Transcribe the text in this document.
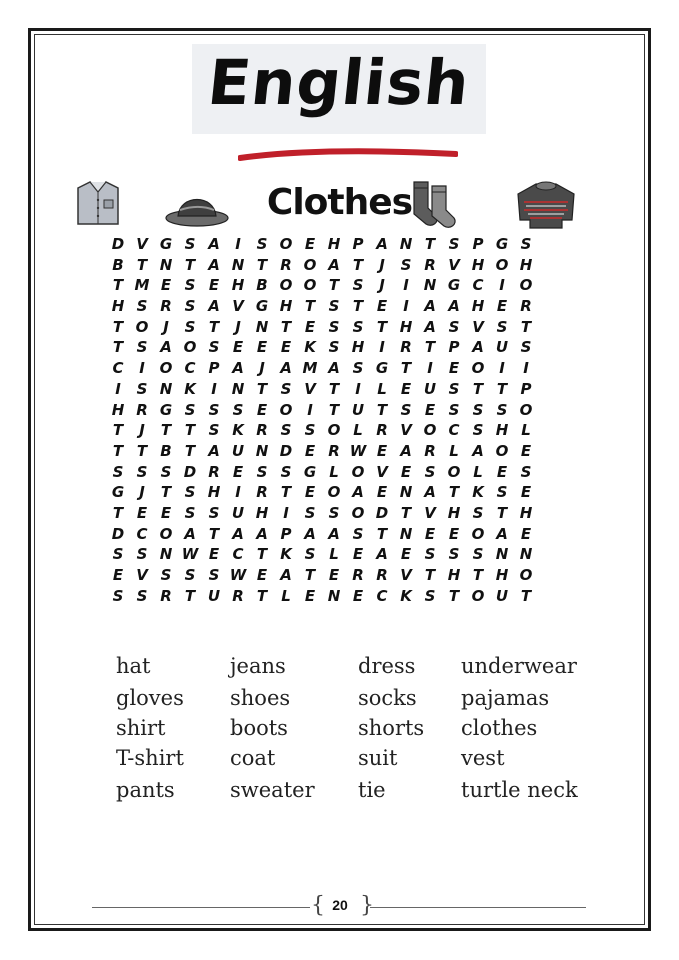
English
Clothes
D V G S A	I	S O E H P A N T S P G S
B T N T A N T R O A T	J	S R V H O H
T M E S E H B O O T S	J	I N G C	I O
H S R S A V G H T S T E	I	A A H E R
T O J	S T	J N T E S S T H A S V S T
T S A O S E E E K S H I	R T P A U S
C	I O C P A	J	A M A S G T	I	E O I	I
I	S N K	I N T S V T	I	L E U S T T P
H R G S S S E O I	T U T S E S S S O
T	J	T T S K R S S O L R V O C S H L
T T B T A U N D E R W E A R L A O E
S S S D R E S S G L O V E S O L E S
G	J	T S H I	R T E O A E N A T K S E
T E E S S U H I	S S O D T V H S T H
D C O A T A A P A A S T N E E O A E
S S N W E C T K S L E A E S S S N N
E V S S S W E A T E R R V T H T H O
S S R T U R T L E N E C K S T O U T
hat
gloves
shirt
T-shirt
pants
jeans
shoes
boots
coat
sweater
dress
socks
shorts
suit
tie
underwear
pajamas
clothes
vest
turtle neck
{ }
20
